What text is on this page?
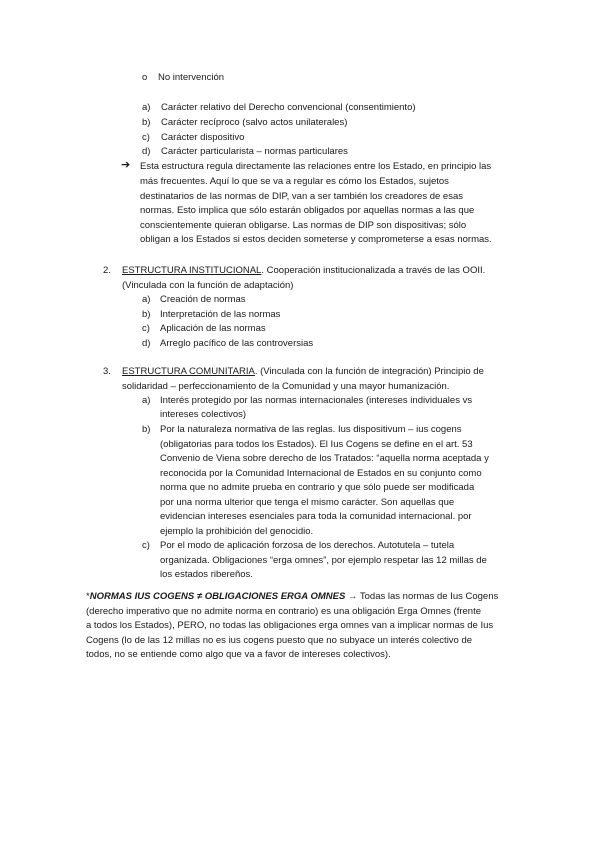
o No intervención
a) Carácter relativo del Derecho convencional (consentimiento)
b) Carácter recíproco (salvo actos unilaterales)
c) Carácter dispositivo
d) Carácter particularista – normas particulares
➔ Esta estructura regula directamente las relaciones entre los Estado, en principio las
más frecuentes. Aquí lo que se va a regular es cómo los Estados, sujetos
destinatarios de las normas de DIP, van a ser también los creadores de esas
normas. Esto implica que sólo estarán obligados por aquellas normas a las que
conscientemente quieran obligarse. Las normas de DIP son dispositivas; sólo
obligan a los Estados si estos deciden someterse y comprometerse a esas normas.
2. ESTRUCTURA INSTITUCIONAL. Cooperación institucionalizada a través de las OOII.
(Vinculada con la función de adaptación)
a) Creación de normas
b) Interpretación de las normas
c) Aplicación de las normas
d) Arreglo pacífico de las controversias
3. ESTRUCTURA COMUNITARIA. (Vinculada con la función de integración) Principio de
solidaridad – perfeccionamiento de la Comunidad y una mayor humanización.
a) Interés protegido por las normas internacionales (intereses individuales vs
intereses colectivos)
b) Por la naturaleza normativa de las reglas. Ius dispositivum – ius cogens
(obligatorias para todos los Estados). El Ius Cogens se define en el art. 53
Convenio de Viena sobre derecho de los Tratados: “aquella norma aceptada y
reconocida por la Comunidad Internacional de Estados en su conjunto como
norma que no admite prueba en contrario y que sólo puede ser modificada
por una norma ulterior que tenga el mismo carácter. Son aquellas que
evidencian intereses esenciales para toda la comunidad internacional. por
ejemplo la prohibición del genocidio.
c) Por el modo de aplicación forzosa de los derechos. Autotutela – tutela
organizada. Obligaciones “erga omnes”, por ejemplo respetar las 12 millas de
los estados ribereños.
*NORMAS IUS COGENS ≠ OBLIGACIONES ERGA OMNES → Todas las normas de Ius Cogens
(derecho imperativo que no admite norma en contrario) es una obligación Erga Omnes (frente
a todos los Estados), PERO, no todas las obligaciones erga omnes van a implicar normas de Ius
Cogens (lo de las 12 millas no es ius cogens puesto que no subyace un interés colectivo de
todos, no se entiende como algo que va a favor de intereses colectivos).
